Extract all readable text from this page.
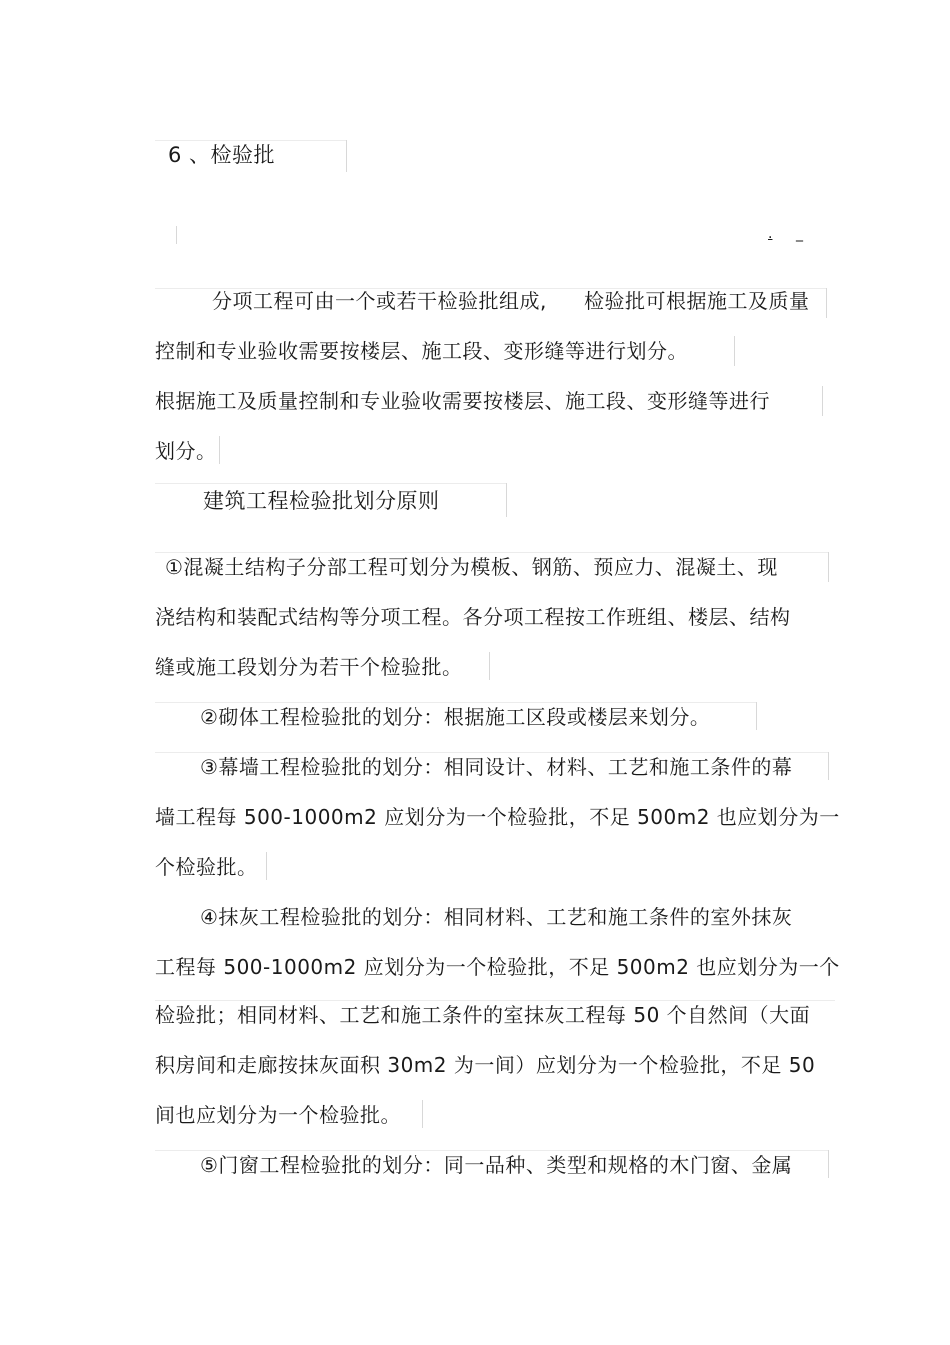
6 、检验批
. _
分项工程可由一个或若干检验批组成, 检验批可根据施工及质量
控制和专业验收需要按楼层、施工段、变形缝等进行划分。
根据施工及质量控制和专业验收需要按楼层、施工段、变形缝等进行
划分。
建筑工程检验批划分原则
①混凝土结构子分部工程可划分为模板、钢筋、预应力、混凝土、现
浇结构和装配式结构等分项工程。各分项工程按工作班组、楼层、结构
缝或施工段划分为若干个检验批。
②砌体工程检验批的划分：根据施工区段或楼层来划分。
③幕墙工程检验批的划分：相同设计、材料、工艺和施工条件的幕
墙工程每 500-1000m2 应划分为一个检验批，不足 500m2 也应划分为一
个检验批。
④抹灰工程检验批的划分：相同材料、工艺和施工条件的室外抹灰
工程每 500-1000m2 应划分为一个检验批，不足 500m2 也应划分为一个
检验批；相同材料、工艺和施工条件的室抹灰工程每 50 个自然间（大面
积房间和走廊按抹灰面积 30m2 为一间）应划分为一个检验批，不足 50
间也应划分为一个检验批。
⑤门窗工程检验批的划分：同一品种、类型和规格的木门窗、金属
